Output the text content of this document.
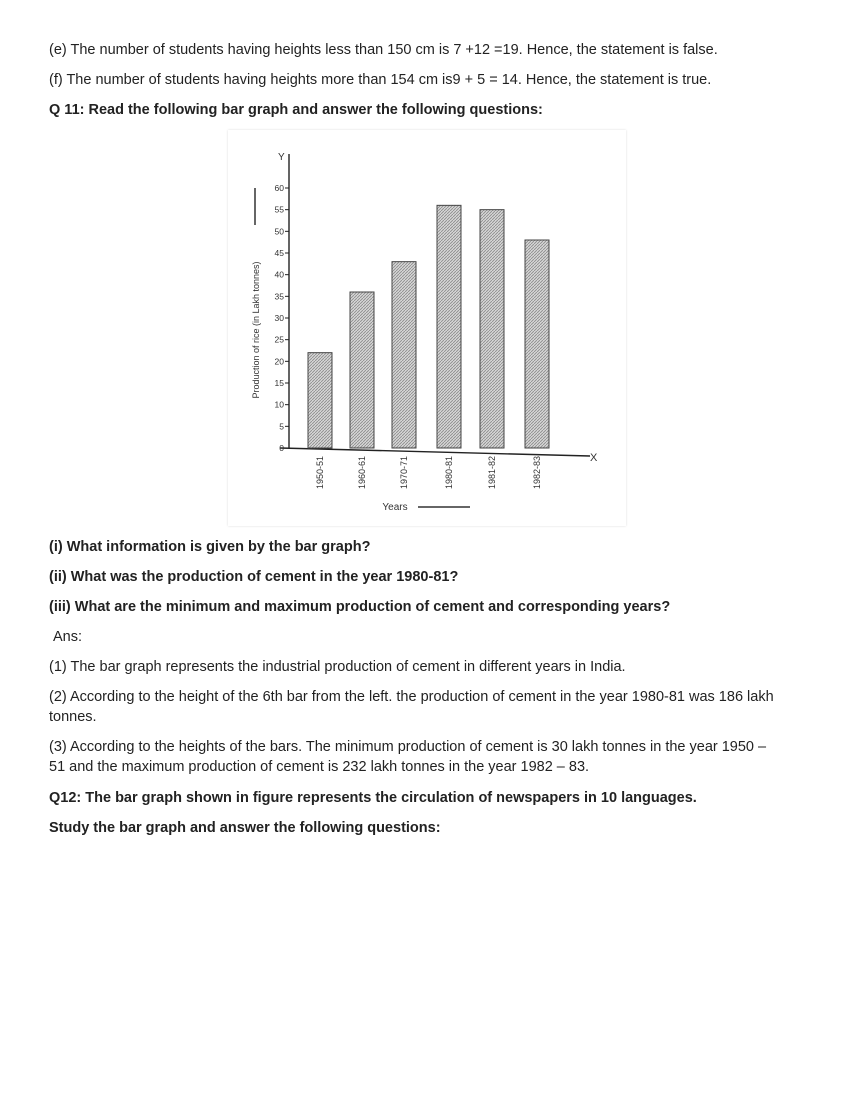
(e) The number of students having heights less than 150 cm is 7 +12 =19. Hence, the statement is false.
(f) The number of students having heights more than 154 cm is9 + 5 = 14. Hence, the statement is true.
Q 11: Read the following bar graph and answer the following questions:
0
5
10
15
20
25
30
35
40
45
50
55
60
1950-51	1960-61	1970-71	1980-81	1981-82	1982-83
Y
X
Production of rice (in Lakh tonnes)
Years
(i) What information is given by the bar graph?
(ii) What was the production of cement in the year 1980-81?
(iii) What are the minimum and maximum production of cement and corresponding years?
Ans:
(1) The bar graph represents the industrial production of cement in different years in India.
(2) According to the height of the 6th bar from the left. the production of cement in the year 1980-81 was 186 lakh
tonnes.
(3) According to the heights of the bars. The minimum production of cement is 30 lakh tonnes in the year 1950 –
51 and the maximum production of cement is 232 lakh tonnes in the year 1982 – 83.
Q12: The bar graph shown in figure represents the circulation of newspapers in 10 languages.
Study the bar graph and answer the following questions:
